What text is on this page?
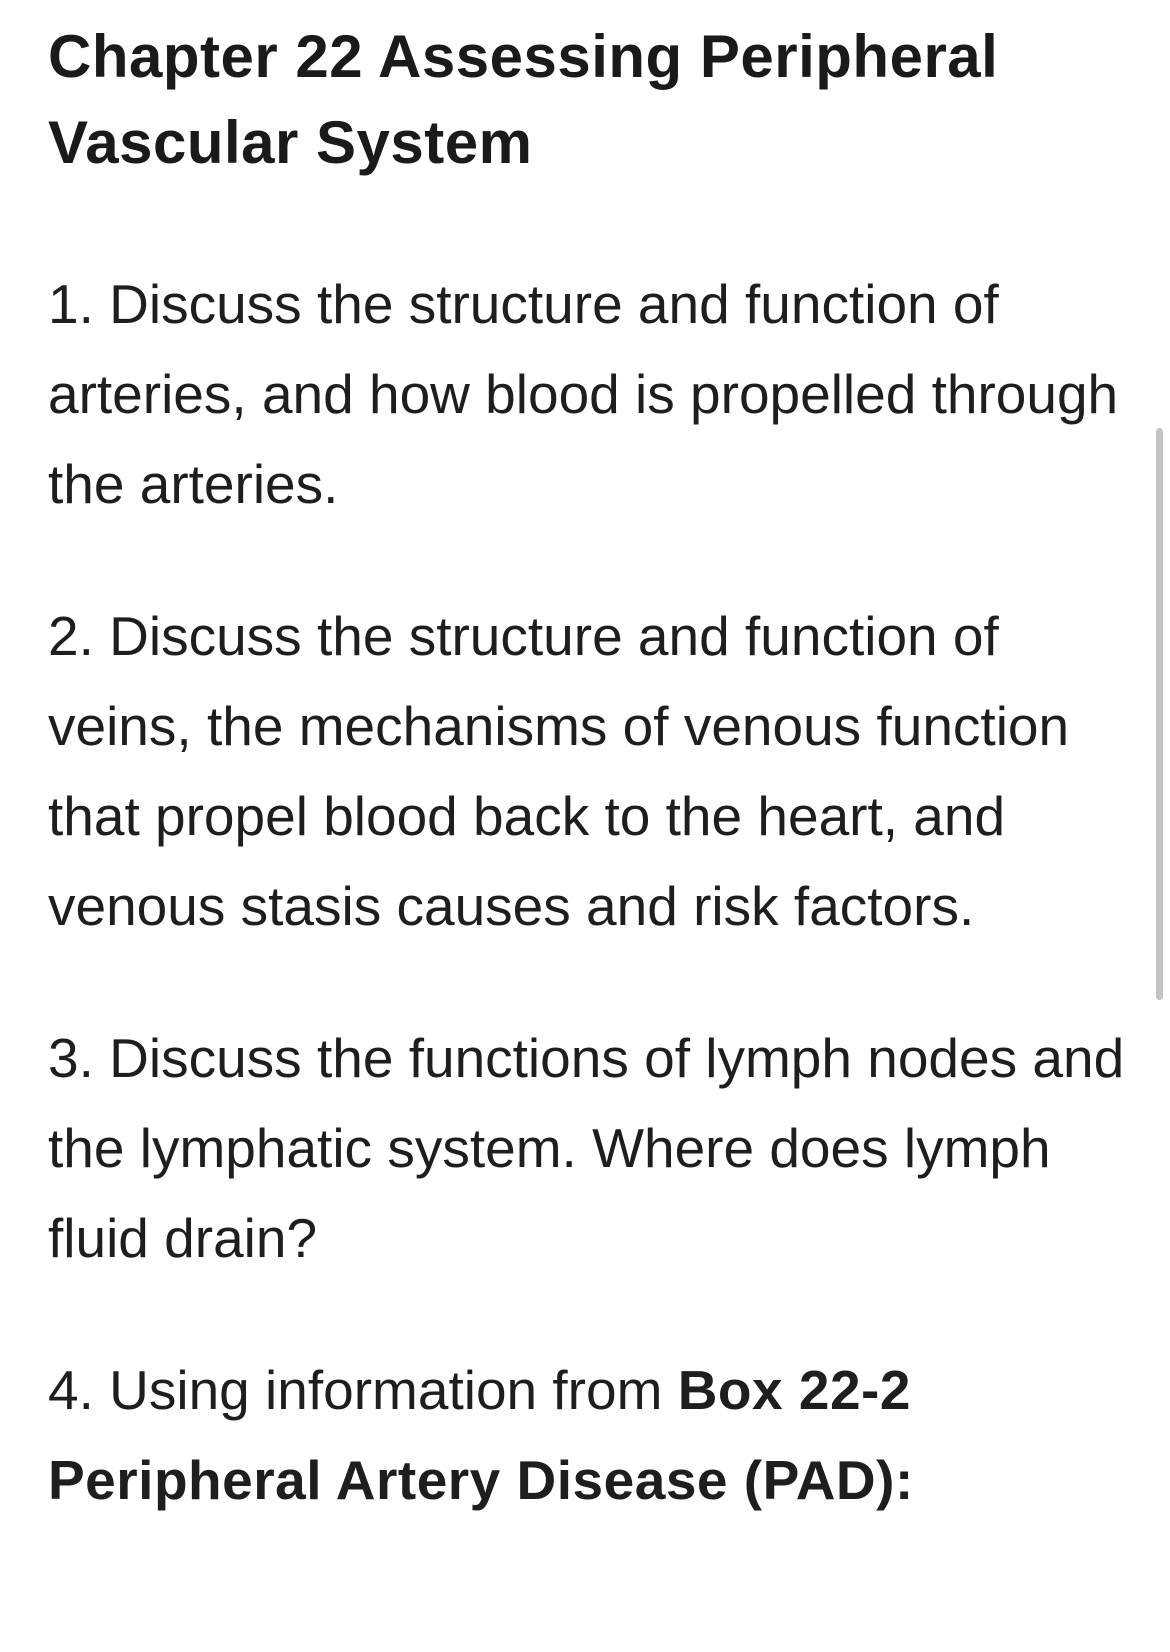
Chapter 22 Assessing Peripheral Vascular System

1. Discuss the structure and function of arteries, and how blood is propelled through the arteries.

2. Discuss the structure and function of veins, the mechanisms of venous function that propel blood back to the heart, and venous stasis causes and risk factors.

3. Discuss the functions of lymph nodes and the lymphatic system. Where does lymph fluid drain?

4. Using information from Box 22-2 Peripheral Artery Disease (PAD):
